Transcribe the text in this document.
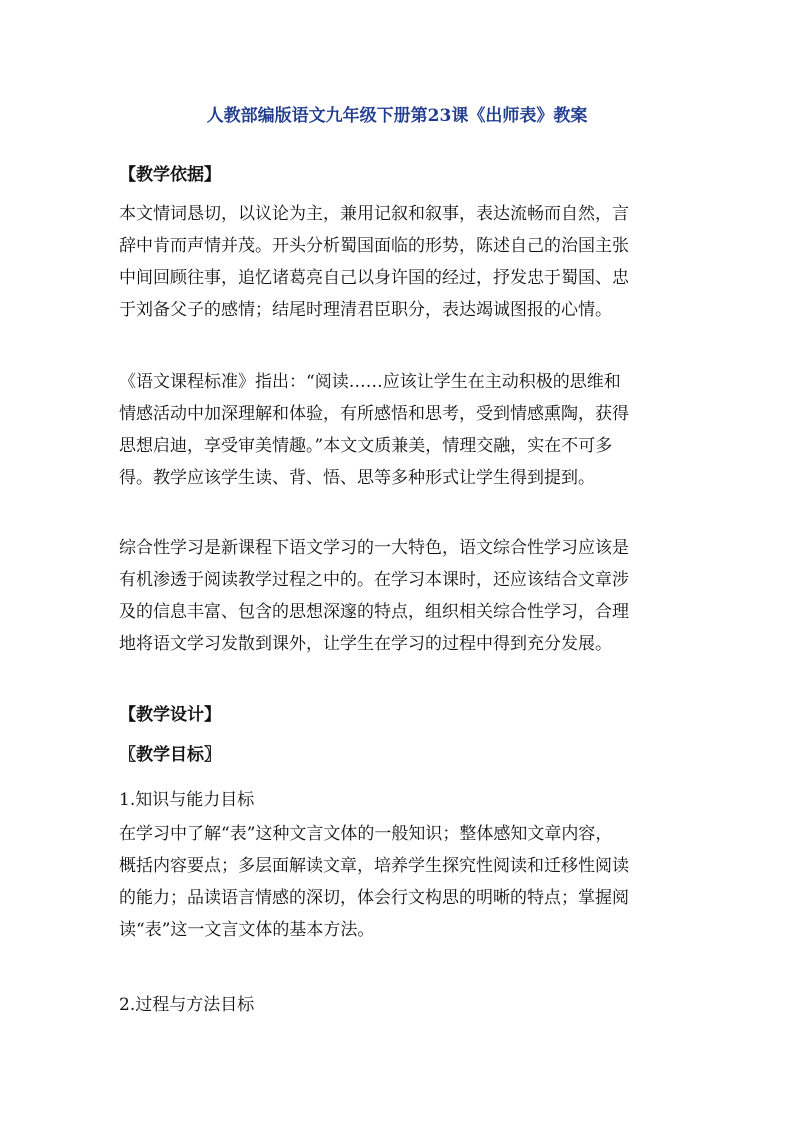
人教部编版语文九年级下册第23课《出师表》教案
【教学依据】
本文情词恳切，以议论为主，兼用记叙和叙事，表达流畅而自然，言
辞中肯而声情并茂。开头分析蜀国面临的形势，陈述自己的治国主张
中间回顾往事，追忆诸葛亮自己以身许国的经过，抒发忠于蜀国、忠
于刘备父子的感情；结尾时理清君臣职分，表达竭诚图报的心情。
《语文课程标准》指出：“阅读……应该让学生在主动积极的思维和
情感活动中加深理解和体验，有所感悟和思考，受到情感熏陶，获得
思想启迪，享受审美情趣。”本文文质兼美，情理交融，实在不可多
得。教学应该学生读、背、悟、思等多种形式让学生得到提到。
综合性学习是新课程下语文学习的一大特色，语文综合性学习应该是
有机渗透于阅读教学过程之中的。在学习本课时，还应该结合文章涉
及的信息丰富、包含的思想深邃的特点，组织相关综合性学习，合理
地将语文学习发散到课外，让学生在学习的过程中得到充分发展。
【教学设计】
〖教学目标〗
1.知识与能力目标
在学习中了解“表”这种文言文体的一般知识；整体感知文章内容，
概括内容要点；多层面解读文章，培养学生探究性阅读和迁移性阅读
的能力；品读语言情感的深切，体会行文构思的明晰的特点；掌握阅
读“表”这一文言文体的基本方法。
2.过程与方法目标
